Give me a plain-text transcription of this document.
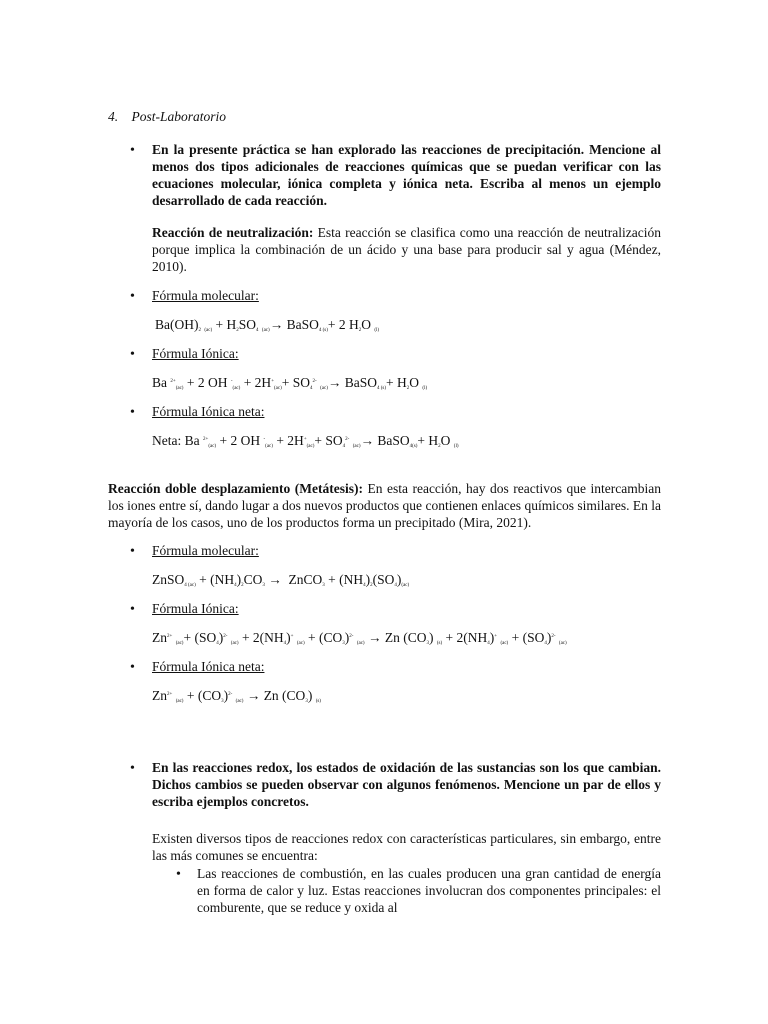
4. Post-Laboratorio
• En la presente práctica se han explorado las reacciones de precipitación. Mencione al menos dos tipos adicionales de reacciones químicas que se puedan verificar con las ecuaciones molecular, iónica completa y iónica neta. Escriba al menos un ejemplo desarrollado de cada reacción.
Reacción de neutralización: Esta reacción se clasifica como una reacción de neutralización porque implica la combinación de un ácido y una base para producir sal y agua (Méndez, 2010).
• Fórmula molecular:
$Ba(OH)_2$ $_{(ac)} + H_2SO_4$ $_{(ac)}$→ BaSO$_4$ $_{(s)}$+ 2 $H_2O$ $_{(l)}$
• Fórmula Iónica:
Ba $^{2+}_{(ac)}$ + 2 OH $^-_{(ac)} + 2H^+_{(ac)}+ SO_4^{2-}$ $_{(ac)}$→ BaSO$_4$ $_{(s)}+ H_2O$ $_{(l)}$
• Fórmula Iónica neta:
Neta: Ba $^{2+}_{(ac)}$ + 2 OH $^-_{(ac)} + 2H^+_{(ac)}+ SO_4^{2-}$ $_{(ac)}$→ BaSO$_{4(s)}$+ $H_2O$ $_{(l)}$
Reacción doble desplazamiento (Metátesis): En esta reacción, hay dos reactivos que intercambian los iones entre sí, dando lugar a dos nuevos productos que contienen enlaces químicos similares. En la mayoría de los casos, uno de los productos forma un precipitado (Mira, 2021).
• Fórmula molecular:
ZnSO$_4$ $_{(ac)} + (NH_4)_2CO_3$ →  ZnCO$_3$ + $(NH_4)_2(SO_4)_{(ac)}$
• Fórmula Iónica:
$Zn^{2+}$ $_{(ac)}+ (SO_4)^{2-}$ $_{(ac)} + 2(NH_4)^+$ $_{(ac)} + (CO_3)^{2-}$ $_{(ac)}$ → Zn $(CO_3) _{(s)} + 2(NH_4)^+$ $_{(ac)} + (SO_4)^{2-}$ $_{(ac)}$
• Fórmula Iónica neta:
$Zn^{2+}$ $_{(ac)} + (CO_3)^{2-}$ $_{(ac)}$ → Zn $(CO_3)$ $_{(s)}$
• En las reacciones redox, los estados de oxidación de las sustancias son los que cambian. Dichos cambios se pueden observar con algunos fenómenos. Mencione un par de ellos y escriba ejemplos concretos.
Existen diversos tipos de reacciones redox con características particulares, sin embargo, entre las más comunes se encuentra:
• Las reacciones de combustión, en las cuales producen una gran cantidad de energía en forma de calor y luz. Estas reacciones involucran dos componentes principales: el comburente, que se reduce y oxida al
